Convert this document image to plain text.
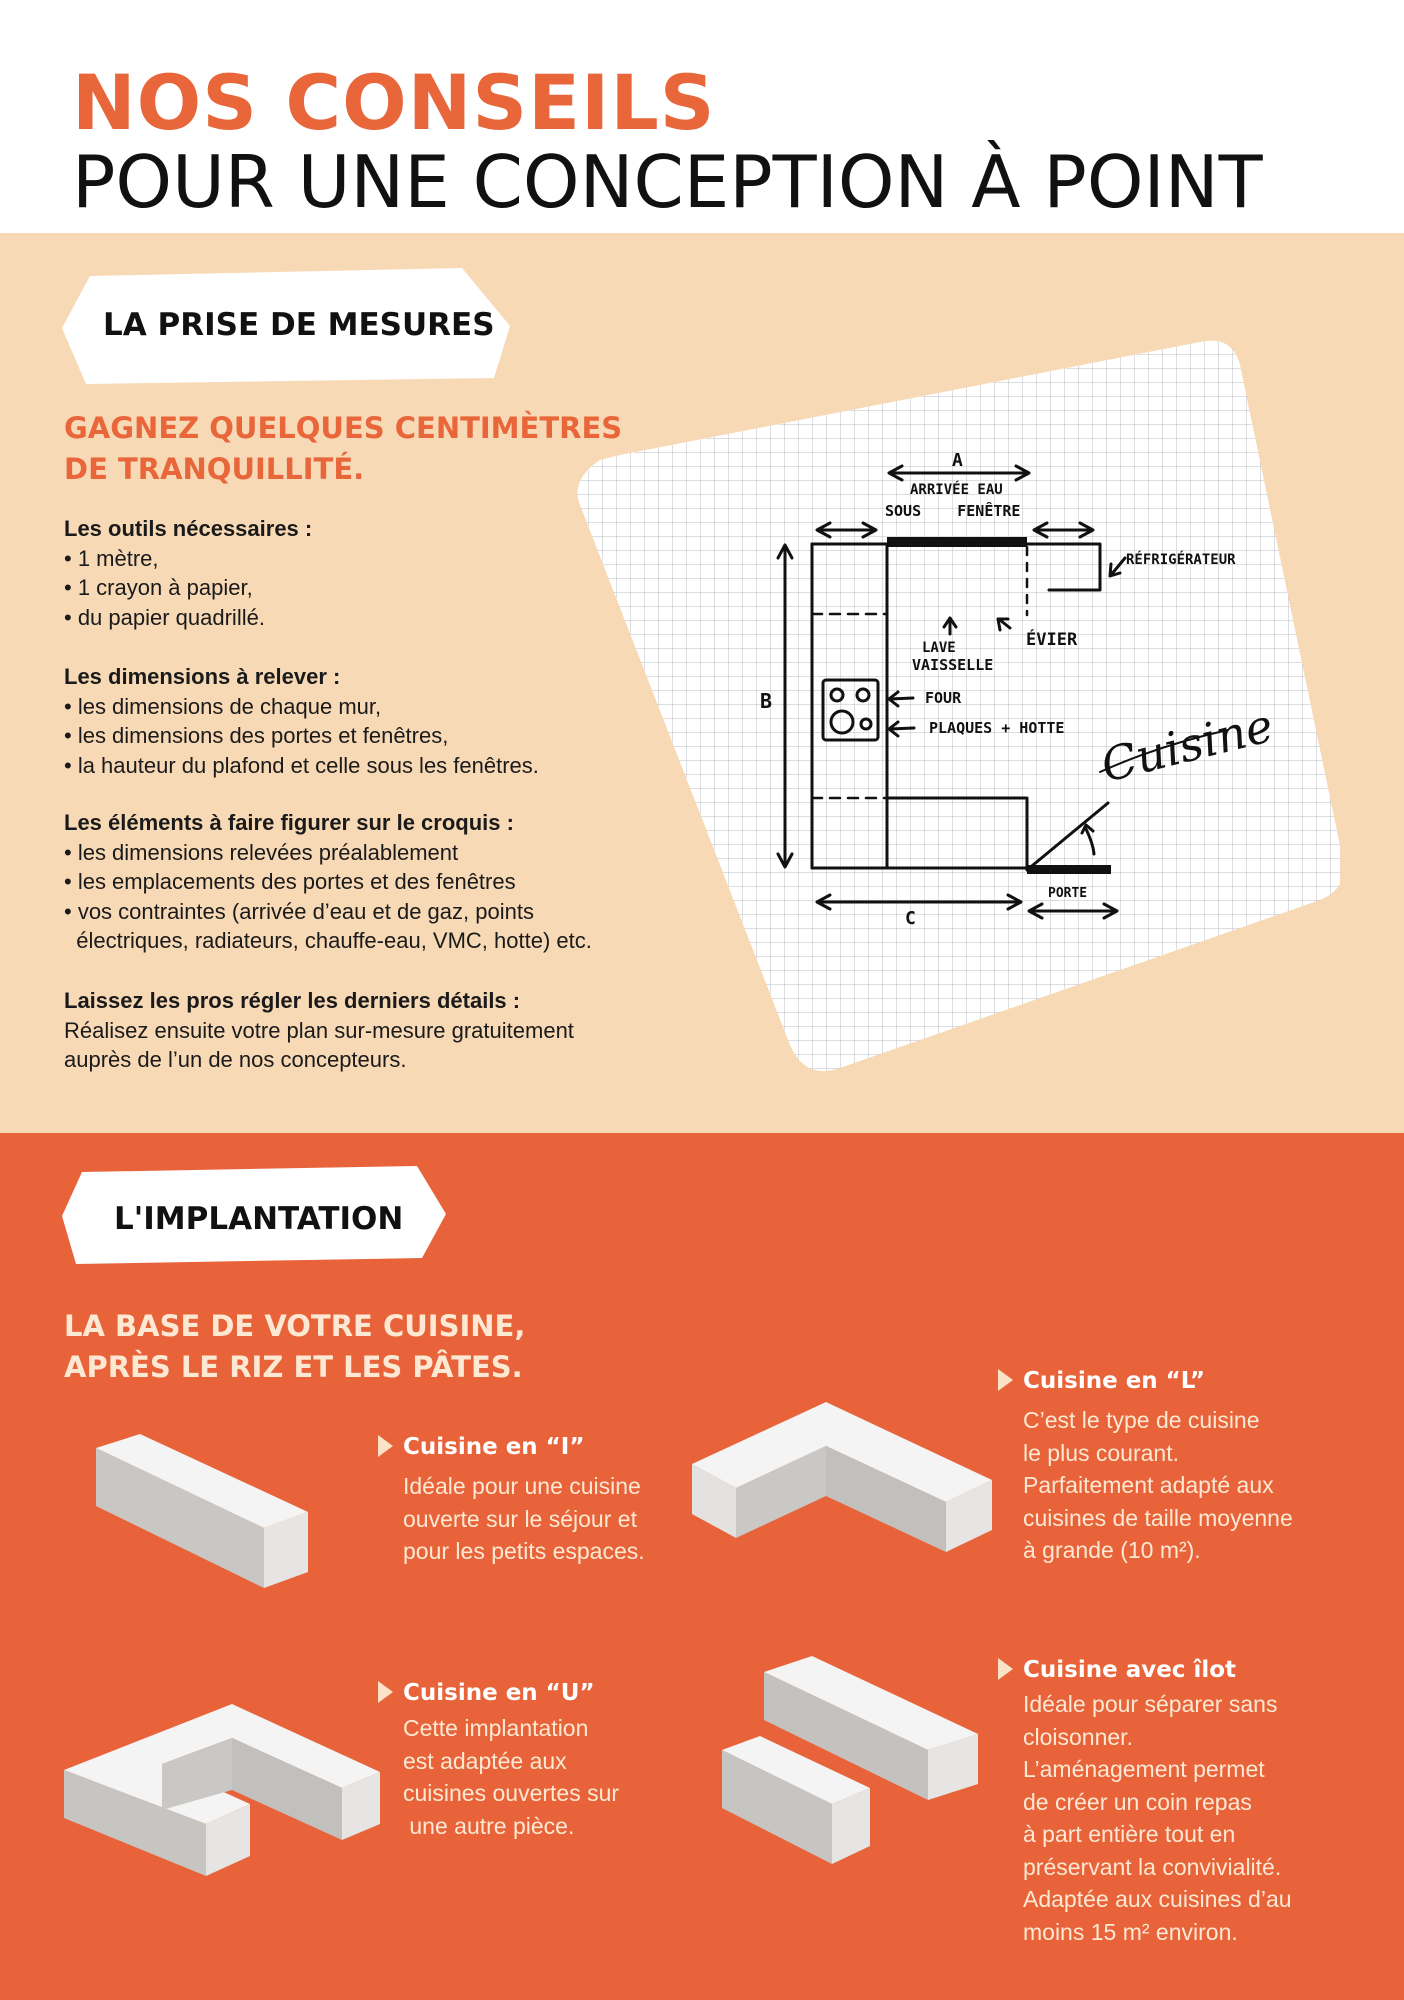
NOS CONSEILS
POUR UNE CONCEPTION À POINT
LA PRISE DE MESURES
GAGNEZ QUELQUES CENTIMÈTRES
DE TRANQUILLITÉ.
Les outils nécessaires :
• 1 mètre,
• 1 crayon à papier,
• du papier quadrillé.
Les dimensions à relever :
• les dimensions de chaque mur,
• les dimensions des portes et fenêtres,
• la hauteur du plafond et celle sous les fenêtres.
Les éléments à faire figurer sur le croquis :
• les dimensions relevées préalablement
• les emplacements des portes et des fenêtres
• vos contraintes (arrivée d’eau et de gaz, points
électriques, radiateurs, chauffe-eau, VMC, hotte) etc.
Laissez les pros régler les derniers détails :
Réalisez ensuite votre plan sur-mesure gratuitement
auprès de l’un de nos concepteurs.
A
ARRIVÉE EAU
SOUS    FENÊTRE
RÉFRIGÉRATEUR
LAVE
VAISSELLE
ÉVIER
B	FOUR
PLAQUES + HOTTE
PORTE
C
Cuisine
L'IMPLANTATION
LA BASE DE VOTRE CUISINE,
APRÈS LE RIZ ET LES PÂTES.
Cuisine en “I”
Idéale pour une cuisine
ouverte sur le séjour et
pour les petits espaces.
Cuisine en “L”
C’est le type de cuisine
le plus courant.
Parfaitement adapté aux
cuisines de taille moyenne
à grande (10 m²).
Cuisine en “U”
Cette implantation
est adaptée aux
cuisines ouvertes sur
une autre pièce.
Cuisine avec îlot
Idéale pour séparer sans
cloisonner.
L’aménagement permet
de créer un coin repas
à part entière tout en
préservant la convivialité.
Adaptée aux cuisines d’au
moins 15 m² environ.
